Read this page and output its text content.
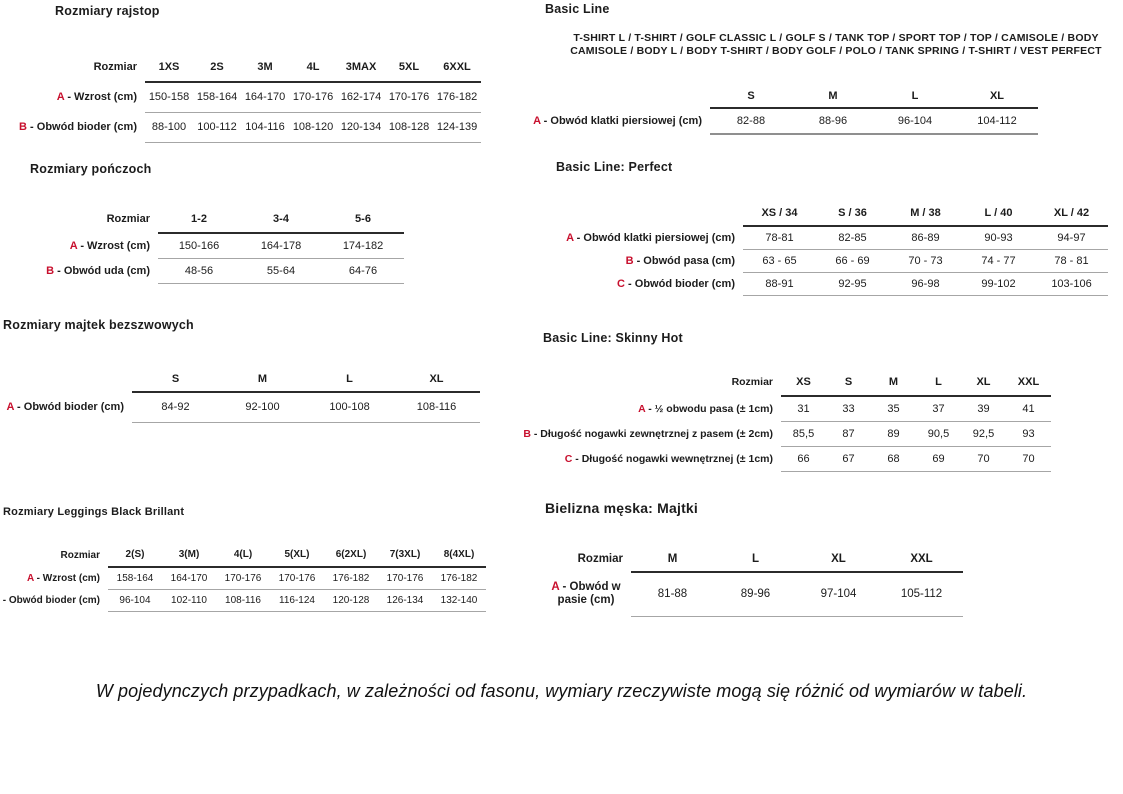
Rozmiary rajstop
Rozmiar	1XS	2S	3M	4L	3MAX	5XL	6XXL
A - Wzrost (cm)	150-158	158-164	164-170	170-176	162-174	170-176	176-182
B - Obwód bioder (cm)	88-100	100-112	104-116	108-120	120-134	108-128	124-139
Rozmiary pończoch
Rozmiar	1-2	3-4	5-6
A - Wzrost (cm)	150-166	164-178	174-182
B - Obwód uda (cm)	48-56	55-64	64-76
Rozmiary majtek bezszwowych
	S	M	L	XL
A - Obwód bioder (cm)	84-92	92-100	100-108	108-116
Rozmiary Leggings Black Brillant
Rozmiar	2(S)	3(M)	4(L)	5(XL)	6(2XL)	7(3XL)	8(4XL)
A - Wzrost (cm)	158-164	164-170	170-176	170-176	176-182	170-176	176-182
- Obwód bioder (cm)	96-104	102-110	108-116	116-124	120-128	126-134	132-140
Basic Line
T-SHIRT L / T-SHIRT / GOLF CLASSIC L / GOLF S / TANK TOP / SPORT TOP / TOP / CAMISOLE / BODY CAMISOLE / BODY L / BODY T-SHIRT / BODY GOLF / POLO / TANK SPRING / T-SHIRT / VEST PERFECT
	S	M	L	XL
A - Obwód klatki piersiowej (cm)	82-88	88-96	96-104	104-112
Basic Line: Perfect
	XS / 34	S / 36	M / 38	L / 40	XL / 42
A - Obwód klatki piersiowej (cm)	78-81	82-85	86-89	90-93	94-97
B - Obwód pasa (cm)	63 - 65	66 - 69	70 - 73	74 - 77	78 - 81
C - Obwód bioder (cm)	88-91	92-95	96-98	99-102	103-106
Basic Line: Skinny Hot
Rozmiar	XS	S	M	L	XL	XXL
A - ½ obwodu pasa (± 1cm)	31	33	35	37	39	41
B - Długość nogawki zewnętrznej z pasem (± 2cm)	85,5	87	89	90,5	92,5	93
C - Długość nogawki wewnętrznej (± 1cm)	66	67	68	69	70	70
Bielizna męska: Majtki
Rozmiar	M	L	XL	XXL
A - Obwód w pasie (cm)	81-88	89-96	97-104	105-112
W pojedynczych przypadkach, w zależności od fasonu, wymiary rzeczywiste mogą się różnić od wymiarów w tabeli.
